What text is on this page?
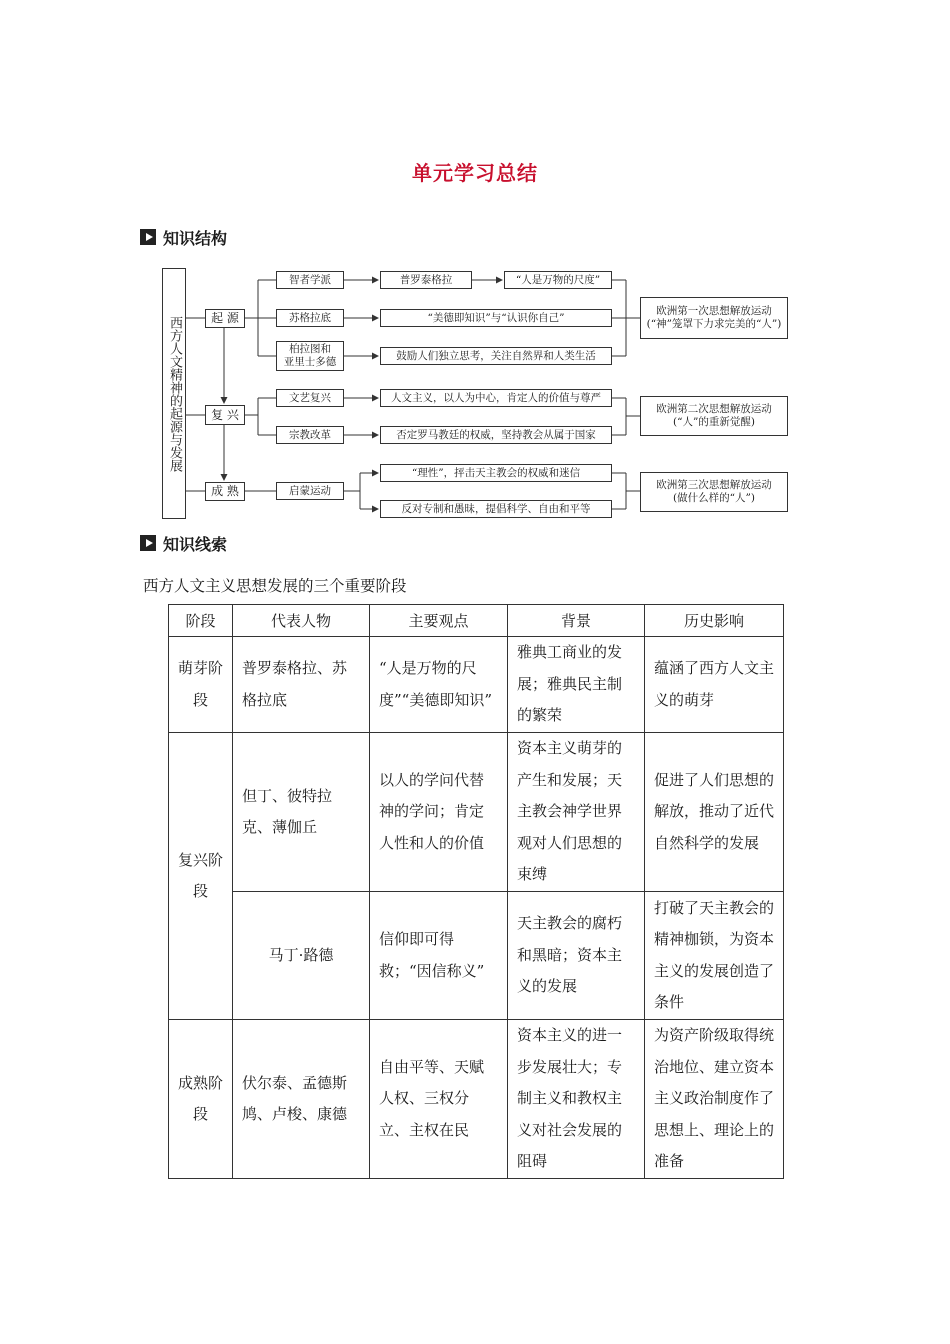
单元学习总结
知识结构
西方人文精神的起源与发展	起 源
复 兴
成 熟
智者学派
苏格拉底
柏拉图和
亚里士多德
文艺复兴
宗教改革
启蒙运动
普罗泰格拉	“人是万物的尺度”
“美德即知识”与“认识你自己”
鼓励人们独立思考，关注自然界和人类生活
人文主义，以人为中心，肯定人的价值与尊严
否定罗马教廷的权威，坚持教会从属于国家
“理性”，抨击天主教会的权威和迷信
反对专制和愚昧，提倡科学、自由和平等
欧洲第一次思想解放运动
(“神”笼罩下力求完美的“人”)
欧洲第二次思想解放运动
(“人”的重新觉醒)
欧洲第三次思想解放运动
(做什么样的“人”)
知识线索
西方人文主义思想发展的三个重要阶段
阶段	代表人物	主要观点	背景	历史影响
萌芽阶段	普罗泰格拉、苏格拉底	“人是万物的尺度”“美德即知识”	雅典工商业的发展；雅典民主制的繁荣	蕴涵了西方人文主义的萌芽
复兴阶段	但丁、彼特拉克、薄伽丘	以人的学问代替神的学问；肯定人性和人的价值	资本主义萌芽的产生和发展；天主教会神学世界观对人们思想的束缚	促进了人们思想的解放，推动了近代自然科学的发展
	马丁·路德	信仰即可得救；“因信称义”	天主教会的腐朽和黑暗；资本主义的发展	打破了天主教会的精神枷锁，为资本主义的发展创造了条件
成熟阶段	伏尔泰、孟德斯鸠、卢梭、康德	自由平等、天赋人权、三权分立、主权在民	资本主义的进一步发展壮大；专制主义和教权主义对社会发展的阻碍	为资产阶级取得统治地位、建立资本主义政治制度作了思想上、理论上的准备
